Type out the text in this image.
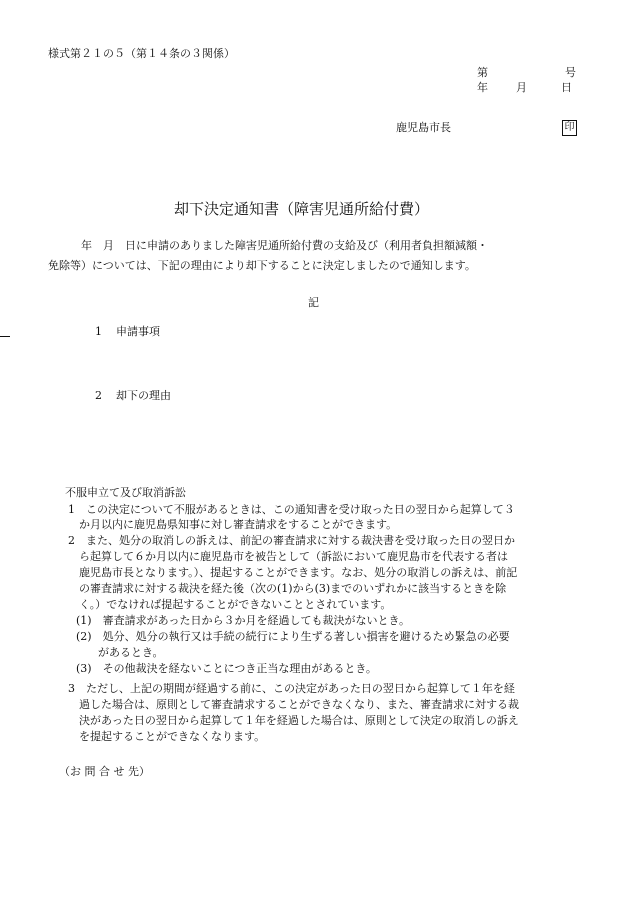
様式第２１の５（第１４条の３関係）
第	号
年	月	日
鹿児島市長	印
却下決定通知書（障害児通所給付費）

　　　年　月　日に申請のありました障害児通所給付費の支給及び（利用者負担額減額・

免除等）については、下記の理由により却下することに決定しましたので通知します。

記
1 申請事項
2 却下の理由
不服申立て及び取消訴訟
1　この決定について不服があるときは、この通知書を受け取った日の翌日から起算して３
　か月以内に鹿児島県知事に対し審査請求をすることができます。
2　また、処分の取消しの訴えは、前記の審査請求に対する裁決書を受け取った日の翌日か
　ら起算して６か月以内に鹿児島市を被告として（訴訟において鹿児島市を代表する者は
　鹿児島市長となります。）、提起することができます。なお、処分の取消しの訴えは、前記
　の審査請求に対する裁決を経た後（次の(1)から(3)までのいずれかに該当するときを除
　く。）でなければ提起することができないこととされています。
(1)　審査請求があった日から３か月を経過しても裁決がないとき。
(2)　処分、処分の執行又は手続の続行により生ずる著しい損害を避けるため緊急の必要
　　があるとき。
(3)　その他裁決を経ないことにつき正当な理由があるとき。
3　ただし、上記の期間が経過する前に、この決定があった日の翌日から起算して１年を経
　過した場合は、原則として審査請求することができなくなり、また、審査請求に対する裁
　決があった日の翌日から起算して１年を経過した場合は、原則として決定の取消しの訴え
　を提起することができなくなります。
（お 問 合 せ 先）
